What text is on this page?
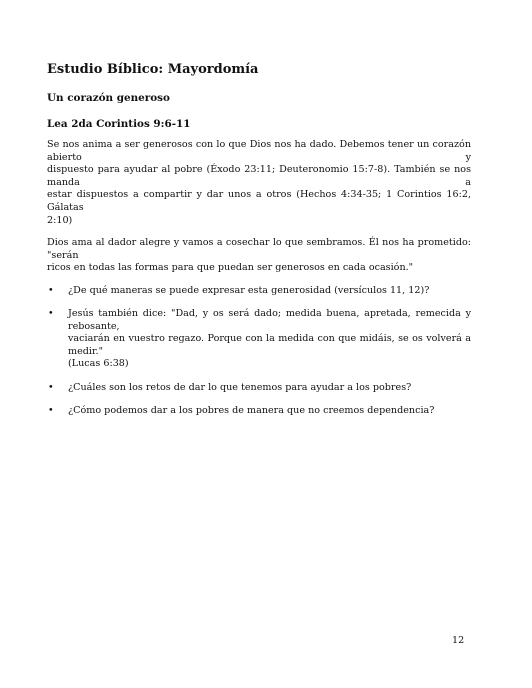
Estudio Bíblico: Mayordomía
Un corazón generoso
Lea 2da Corintios 9:6-11
Se nos anima a ser generosos con lo que Dios nos ha dado. Debemos tener un corazón abierto y
dispuesto para ayudar al pobre (Éxodo 23:11; Deuteronomio 15:7-8). También se nos manda a
estar dispuestos a compartir y dar unos a otros (Hechos 4:34-35; 1 Corintios 16:2, Gálatas
2:10)
Dios ama al dador alegre y vamos a cosechar lo que sembramos. Él nos ha prometido: "serán
ricos en todas las formas para que puedan ser generosos en cada ocasión."
• ¿De qué maneras se puede expresar esta generosidad (versículos 11, 12)?
• Jesús también dice: "Dad, y os será dado; medida buena, apretada, remecida y rebosante,
vaciarán en vuestro regazo. Porque con la medida con que midáis, se os volverá a medir."
(Lucas 6:38)
• ¿Cuáles son los retos de dar lo que tenemos para ayudar a los pobres?
• ¿Cómo podemos dar a los pobres de manera que no creemos dependencia?
12
